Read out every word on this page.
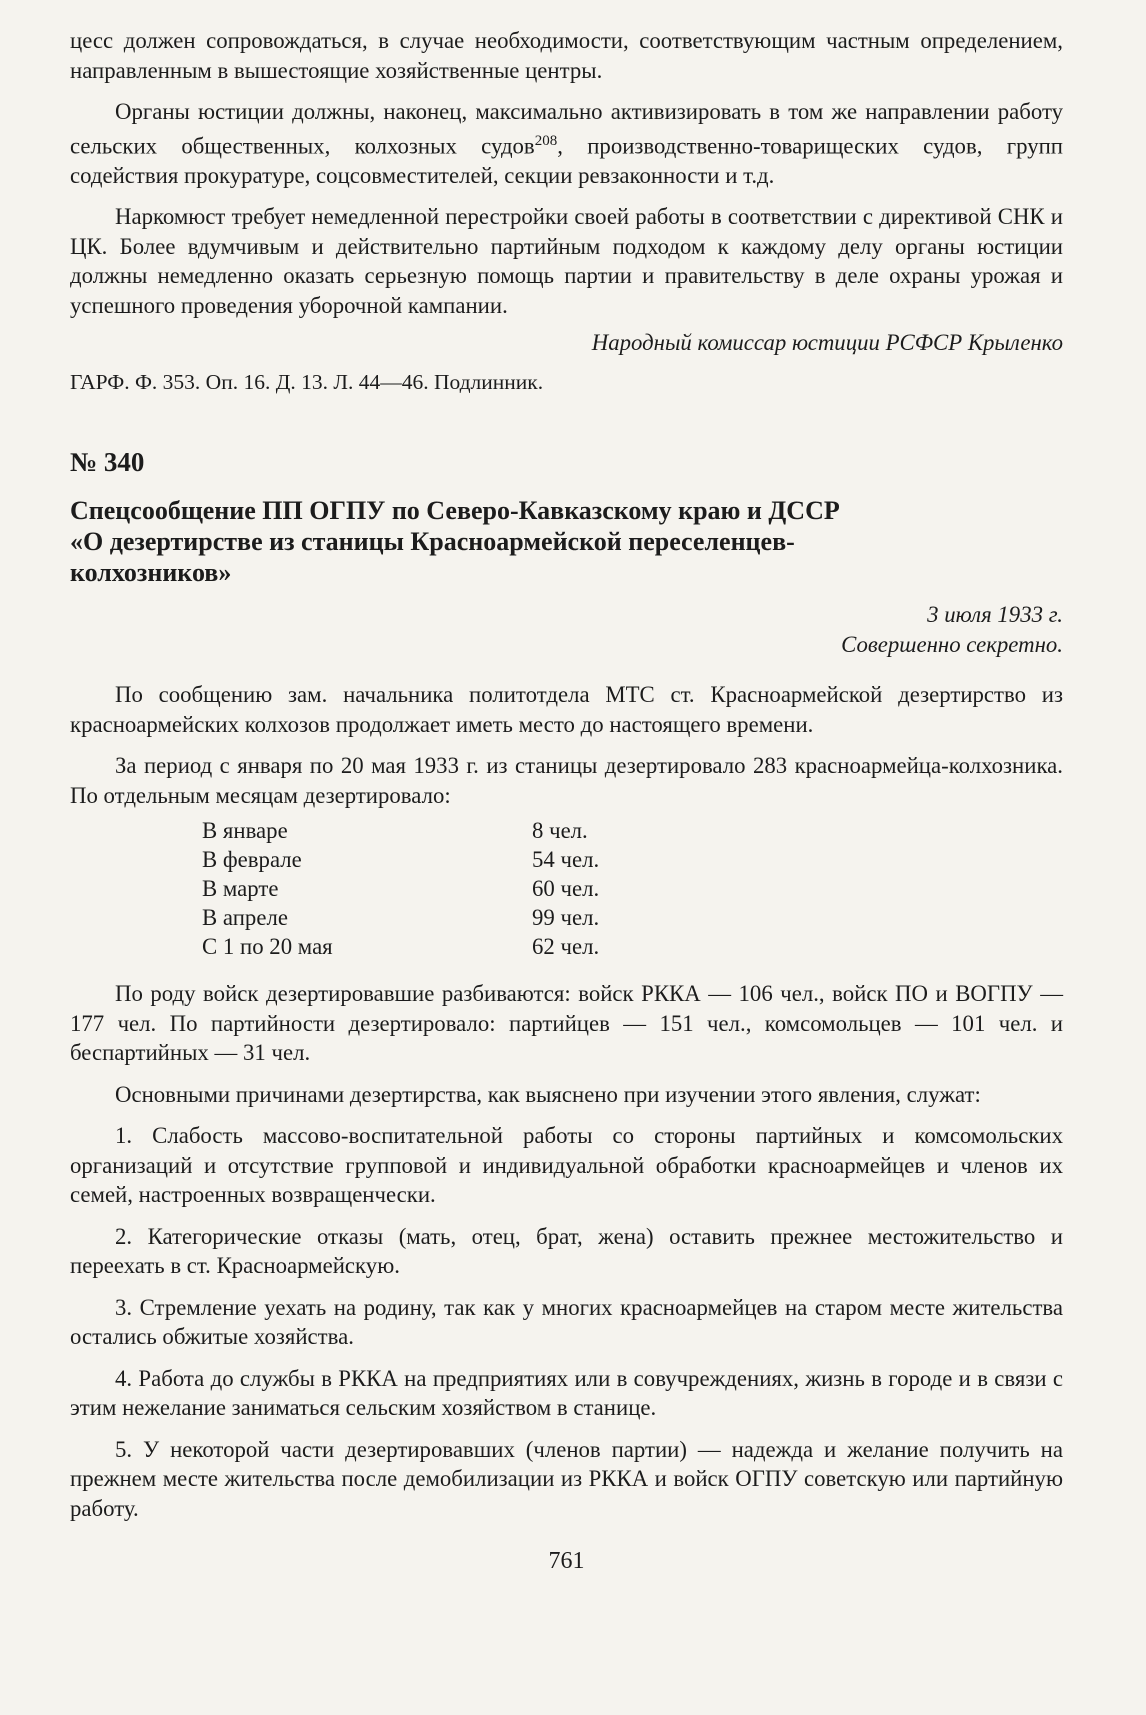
цесс должен сопровождаться, в случае необходимости, соответствующим частным определением, направленным в вышестоящие хозяйственные центры.

Органы юстиции должны, наконец, максимально активизировать в том же направлении работу сельских общественных, колхозных судов$^{208}$, производственно-товарищеских судов, групп содействия прокуратуре, соцсовместителей, секции ревзаконности и т.д.

Наркомюст требует немедленной перестройки своей работы в соответствии с директивой СНК и ЦК. Более вдумчивым и действительно партийным подходом к каждому делу органы юстиции должны немедленно оказать серьезную помощь партии и правительству в деле охраны урожая и успешного проведения уборочной кампании.

Народный комиссар юстиции РСФСР Крыленко

ГАРФ. Ф. 353. Оп. 16. Д. 13. Л. 44—46. Подлинник.

№ 340

Спецсообщение ПП ОГПУ по Северо-Кавказскому краю и ДССР «О дезертирстве из станицы Красноармейской переселенцев-колхозников»

3 июля 1933 г.

Совершенно секретно.

По сообщению зам. начальника политотдела МТС ст. Красноармейской дезертирство из красноармейских колхозов продолжает иметь место до настоящего времени.

За период с января по 20 мая 1933 г. из станицы дезертировало 283 красноармейца-колхозника. По отдельным месяцам дезертировало:

В январе	8 чел.
В феврале	54 чел.
В марте	60 чел.
В апреле	99 чел.
С 1 по 20 мая	62 чел.

По роду войск дезертировавшие разбиваются: войск РККА — 106 чел., войск ПО и ВОГПУ — 177 чел. По партийности дезертировало: партийцев — 151 чел., комсомольцев — 101 чел. и беспартийных — 31 чел.

Основными причинами дезертирства, как выяснено при изучении этого явления, служат:

1. Слабость массово-воспитательной работы со стороны партийных и комсомольских организаций и отсутствие групповой и индивидуальной обработки красноармейцев и членов их семей, настроенных возвращенчески.

2. Категорические отказы (мать, отец, брат, жена) оставить прежнее местожительство и переехать в ст. Красноармейскую.

3. Стремление уехать на родину, так как у многих красноармейцев на старом месте жительства остались обжитые хозяйства.

4. Работа до службы в РККА на предприятиях или в совучреждениях, жизнь в городе и в связи с этим нежелание заниматься сельским хозяйством в станице.

5. У некоторой части дезертировавших (членов партии) — надежда и желание получить на прежнем месте жительства после демобилизации из РККА и войск ОГПУ советскую или партийную работу.

761
